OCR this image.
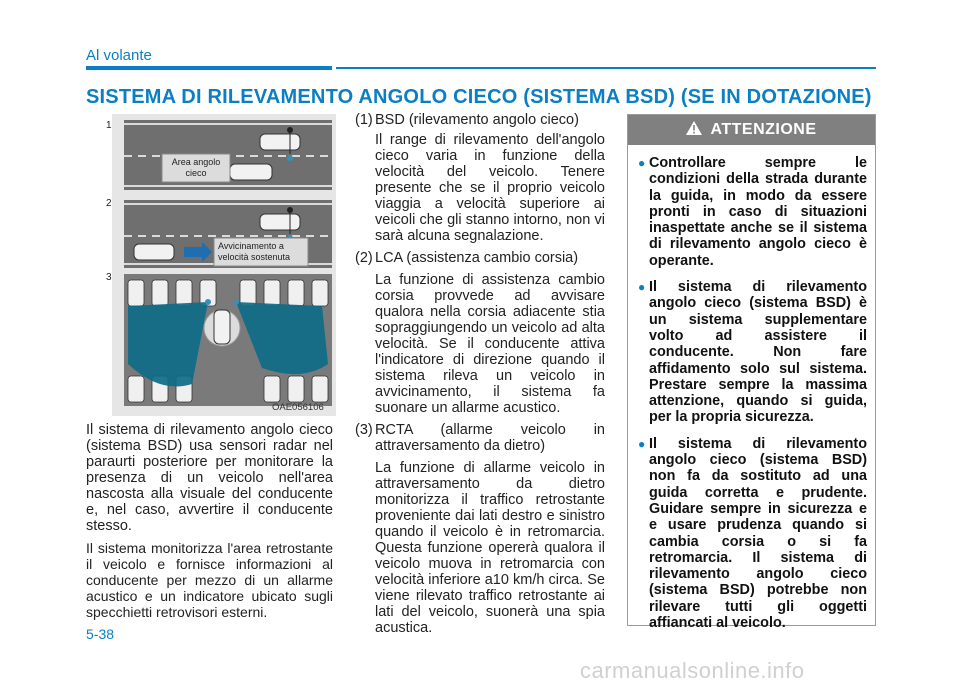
Al volante
SISTEMA DI RILEVAMENTO ANGOLO CIECO (SISTEMA BSD) (SE IN DOTAZIONE)
Area angolo
cieco
1
Avvicinamento a
velocità sostenuta
2
3
OAE056106

Il sistema di rilevamento angolo cieco (sistema BSD) usa sensori radar nel paraurti posteriore per monitorare la presenza di un veicolo nell'area nascosta alla visuale del conducente e, nel caso, avvertire il conducente stesso.

Il sistema monitorizza l'area retrostante il veicolo e fornisce informazioni al conducente per mezzo di un allarme acustico e un indicatore ubicato sugli specchietti retrovisori esterni.

(1) BSD (rilevamento angolo cieco)
Il range di rilevamento dell'angolo cieco varia in funzione della velocità del veicolo. Tenere presente che se il proprio veicolo viaggia a velocità superiore ai veicoli che gli stanno intorno, non vi sarà alcuna segnalazione.
(2) LCA (assistenza cambio corsia)
La funzione di assistenza cambio corsia provvede ad avvisare qualora nella corsia adiacente stia sopraggiungendo un veicolo ad alta velocità. Se il conducente attiva l'indicatore di direzione quando il sistema rileva un veicolo in avvicinamento, il sistema fa suonare un allarme acustico.
(3) RCTA (allarme veicolo in attraversamento da dietro)
La funzione di allarme veicolo in attraversamento da dietro monitorizza il traffico retrostante proveniente dai lati destro e sinistro quando il veicolo è in retromarcia. Questa funzione opererà qualora il veicolo muova in retromarcia con velocità inferiore a10 km/h circa. Se viene rilevato traffico retrostante ai lati del veicolo, suonerà una spia acustica.
ATTENZIONE
● Controllare sempre le condizioni della strada durante la guida, in modo da essere pronti in caso di situazioni inaspettate anche se il sistema di rilevamento angolo cieco è operante.
● Il sistema di rilevamento angolo cieco (sistema BSD) è un sistema supplementare volto ad assistere il conducente. Non fare affidamento solo sul sistema. Prestare sempre la massima attenzione, quando si guida, per la propria sicurezza.
● Il sistema di rilevamento angolo cieco (sistema BSD) non fa da sostituto ad una guida corretta e prudente. Guidare sempre in sicurezza e e usare prudenza quando si cambia corsia o si fa retromarcia. Il sistema di rilevamento angolo cieco (sistema BSD) potrebbe non rilevare tutti gli oggetti affiancati al veicolo.
5-38
carmanualsonline.info
